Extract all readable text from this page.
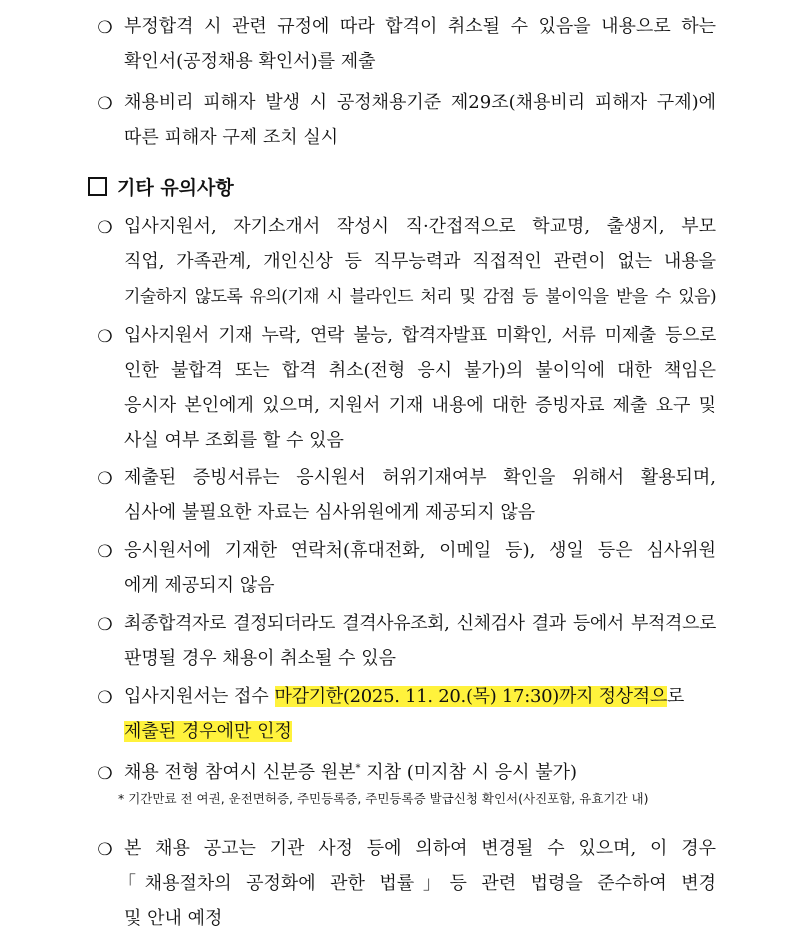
❍ 부정합격 시 관련 규정에 따라 합격이 취소될 수 있음을 내용으로 하는
확인서(공정채용 확인서)를 제출
❍ 채용비리 피해자 발생 시 공정채용기준 제29조(채용비리 피해자 구제)에
따른 피해자 구제 조치 실시
기타 유의사항
❍ 입사지원서, 자기소개서 작성시 직·간접적으로 학교명, 출생지, 부모
직업, 가족관계, 개인신상 등 직무능력과 직접적인 관련이 없는 내용을
기술하지 않도록 유의(기재 시 블라인드 처리 및 감점 등 불이익을 받을 수 있음)
❍ 입사지원서 기재 누락, 연락 불능, 합격자발표 미확인, 서류 미제출 등으로
인한 불합격 또는 합격 취소(전형 응시 불가)의 불이익에 대한 책임은
응시자 본인에게 있으며, 지원서 기재 내용에 대한 증빙자료 제출 요구 및
사실 여부 조회를 할 수 있음
❍ 제출된 증빙서류는 응시원서 허위기재여부 확인을 위해서 활용되며,
심사에 불필요한 자료는 심사위원에게 제공되지 않음
❍ 응시원서에 기재한 연락처(휴대전화, 이메일 등), 생일 등은 심사위원
에게 제공되지 않음
❍ 최종합격자로 결정되더라도 결격사유조회, 신체검사 결과 등에서 부적격으로
판명될 경우 채용이 취소될 수 있음
❍ 입사지원서는 접수 마감기한(2025. 11. 20.(목) 17:30)까지 정상적으로
제출된 경우에만 인정
❍ 채용 전형 참여시 신분증 원본* 지참 (미지참 시 응시 불가)
* 기간만료 전 여권, 운전면허증, 주민등록증, 주민등록증 발급신청 확인서(사진포함, 유효기간 내)
❍ 본 채용 공고는 기관 사정 등에 의하여 변경될 수 있으며, 이 경우
「채용절차의 공정화에 관한 법률」등 관련 법령을 준수하여 변경
및 안내 예정
